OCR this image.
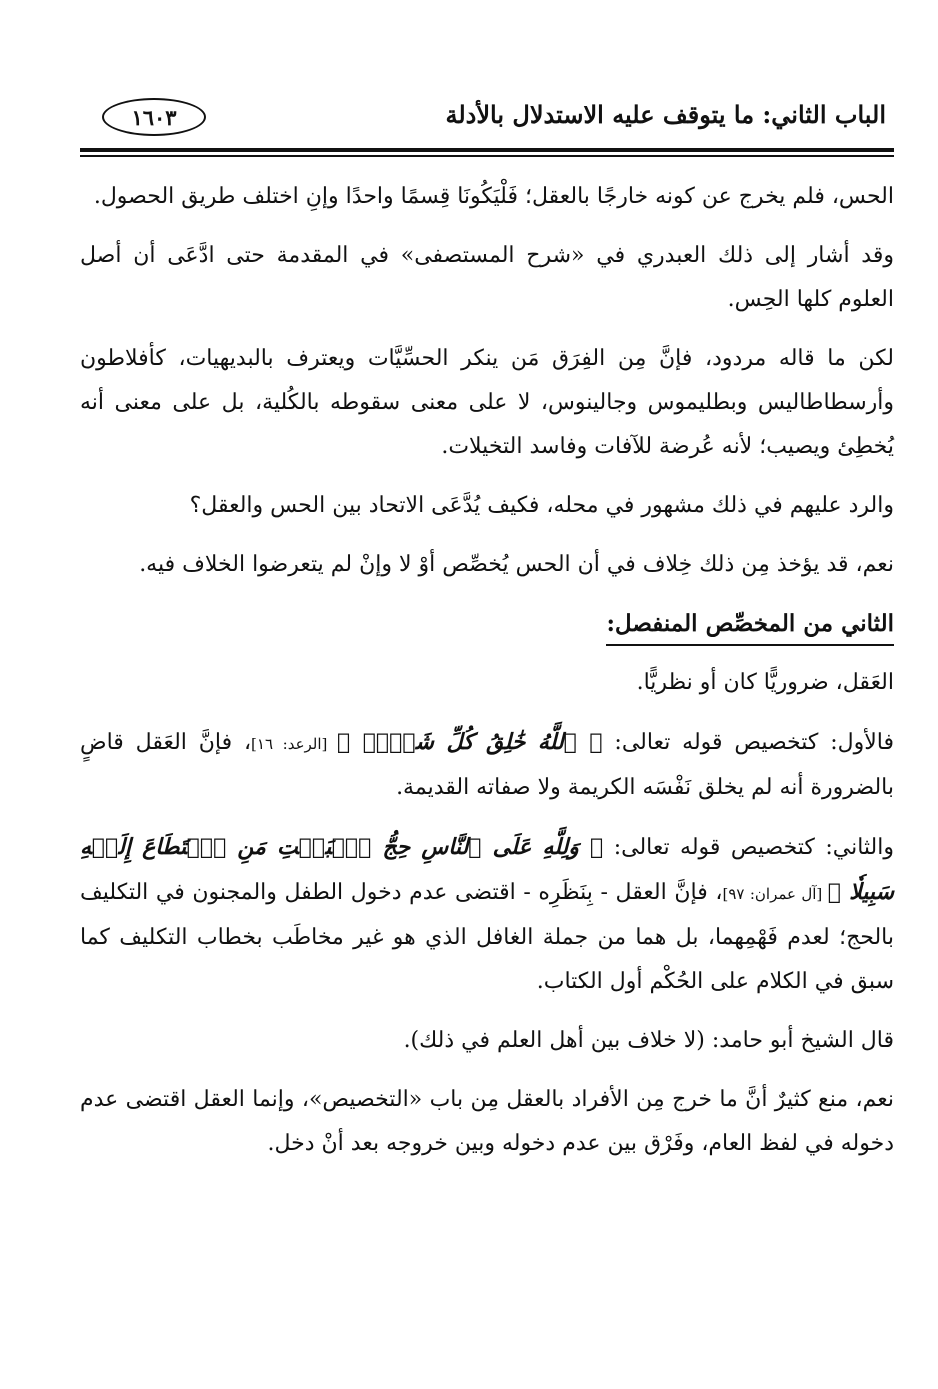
الباب الثاني: ما يتوقف عليه الاستدلال بالأدلة
١٦٠٣

الحس، فلم يخرج عن كونه خارجًا بالعقل؛ فَلْيَكُونَا قِسمًا واحدًا وإنِ اختلف طريق الحصول.

وقد أشار إلى ذلك العبدري في «شرح المستصفى» في المقدمة حتى ادَّعَى أن أصل العلوم كلها الحِس.

لكن ما قاله مردود، فإنَّ مِن الفِرَق مَن ينكر الحسِّيَّات ويعترف بالبديهيات، كأفلاطون وأرسطاطاليس وبطليموس وجالينوس، لا على معنى سقوطه بالكُلية، بل على معنى أنه يُخطِئ ويصيب؛ لأنه عُرضة للآفات وفاسد التخيلات.

والرد عليهم في ذلك مشهور في محله، فكيف يُدَّعَى الاتحاد بين الحس والعقل؟

نعم، قد يؤخذ مِن ذلك خِلاف في أن الحس يُخصِّص أوْ لا وإنْ لم يتعرضوا الخلاف فيه.

الثاني من المخصِّص المنفصل:

العَقل، ضروريًّا كان أو نظريًّا.

فالأول: كتخصيص قوله تعالى: ﴿ ٱللَّهُ خَٰلِقُ كُلِّ شَيۡءٖ ﴾ [الرعد: ١٦]، فإنَّ العَقل قاضٍ بالضرورة أنه لم يخلق نَفْسَه الكريمة ولا صفاته القديمة.

والثاني: كتخصيص قوله تعالى: ﴿ وَلِلَّهِ عَلَى ٱلنَّاسِ حِجُّ ٱلۡبَيۡتِ مَنِ ٱسۡتَطَاعَ إِلَيۡهِ سَبِيلٗا ﴾ [آل عمران: ٩٧]، فإنَّ العقل - بِنَظَرِه - اقتضى عدم دخول الطفل والمجنون في التكليف بالحج؛ لعدم فَهْمِهما، بل هما من جملة الغافل الذي هو غير مخاطَب بخطاب التكليف كما سبق في الكلام على الحُكْم أول الكتاب.

قال الشيخ أبو حامد: (لا خلاف بين أهل العلم في ذلك).

نعم، منع كثيرٌ أنَّ ما خرج مِن الأفراد بالعقل مِن باب «التخصيص»، وإنما العقل اقتضى عدم دخوله في لفظ العام، وفَرْق بين عدم دخوله وبين خروجه بعد أنْ دخل.
